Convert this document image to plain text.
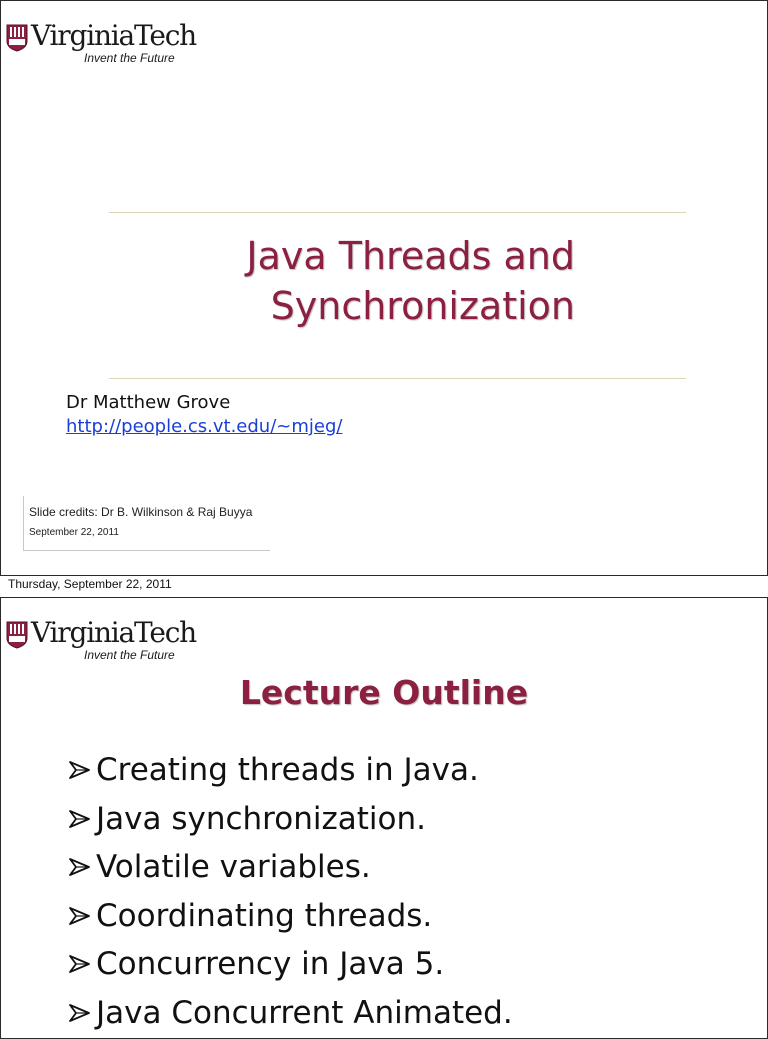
VirginiaTech
Invent the Future
Java Threads and
Synchronization
Dr Matthew Grove
http://people.cs.vt.edu/~mjeg/
Slide credits: Dr B. Wilkinson & Raj Buyya
September 22, 2011
Thursday, September 22, 2011
VirginiaTech
Invent the Future
Lecture Outline
Creating threads in Java.
Java synchronization.
Volatile variables.
Coordinating threads.
Concurrency in Java 5.
Java Concurrent Animated.
